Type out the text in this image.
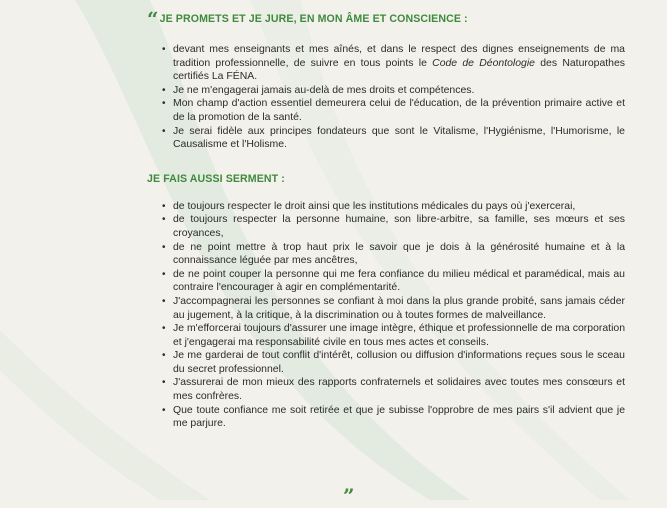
“JE PROMETS ET JE JURE, EN MON ÂME ET CONSCIENCE :
• devant mes enseignants et mes aînés, et dans le respect des dignes enseignements de ma tradition professionnelle, de suivre en tous points le Code de Déontologie des Naturopathes certifiés La FÉNA.
• Je ne m'engagerai jamais au-delà de mes droits et compétences.
• Mon champ d'action essentiel demeurera celui de l'éducation, de la prévention primaire active et de la promotion de la santé.
• Je serai fidèle aux principes fondateurs que sont le Vitalisme, l'Hygiénisme, l'Humorisme, le Causalisme et l'Holisme.
JE FAIS AUSSI SERMENT :
• de toujours respecter le droit ainsi que les institutions médicales du pays où j'exercerai,
• de toujours respecter la personne humaine, son libre-arbitre, sa famille, ses mœurs et ses croyances,
• de ne point mettre à trop haut prix le savoir que je dois à la générosité humaine et à la connaissance léguée par mes ancêtres,
• de ne point couper la personne qui me fera confiance du milieu médical et paramédical, mais au contraire l'encourager à agir en complémentarité.
• J'accompagnerai les personnes se confiant à moi dans la plus grande probité, sans jamais céder au jugement, à la critique, à la discrimination ou à toutes formes de malveillance.
• Je m'efforcerai toujours d'assurer une image intègre, éthique et professionnelle de ma corporation et j'engagerai ma responsabilité civile en tous mes actes et conseils.
• Je me garderai de tout conflit d'intérêt, collusion ou diffusion d'informations reçues sous le sceau du secret professionnel.
• J'assurerai de mon mieux des rapports confraternels et solidaires avec toutes mes consœurs et mes confrères.
• Que toute confiance me soit retirée et que je subisse l'opprobre de mes pairs s'il advient que je me parjure.
”
